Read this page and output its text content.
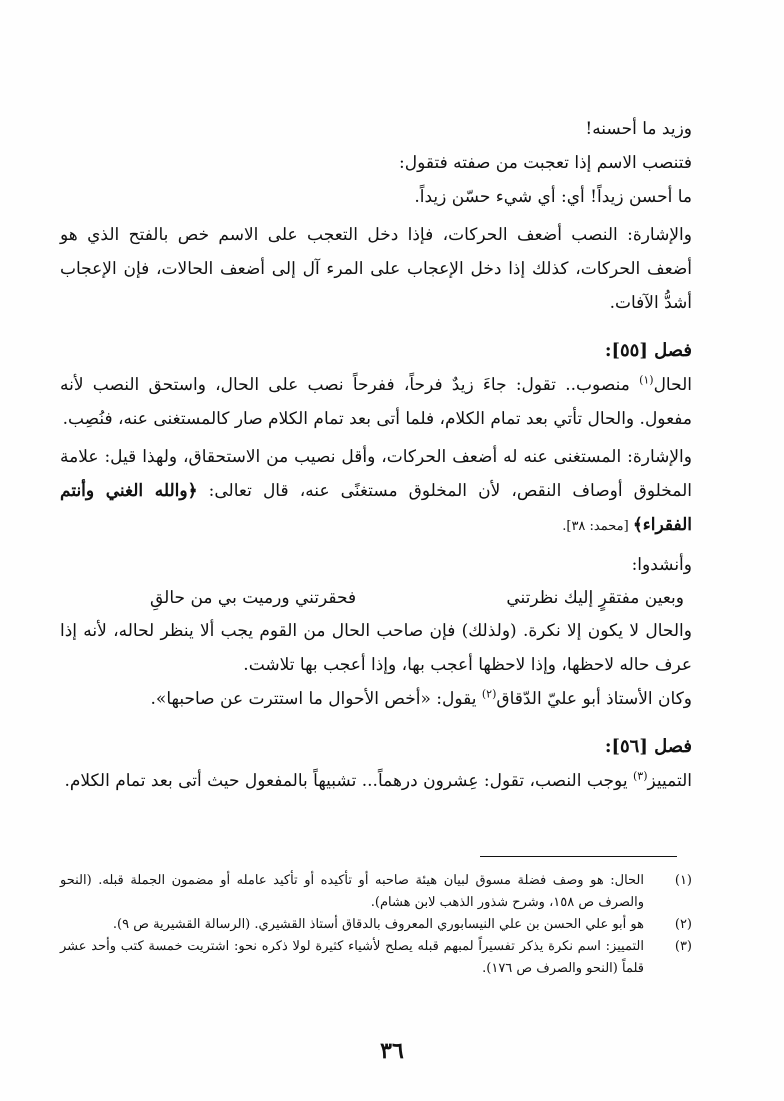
وزيد ما أحسنه!
فتنصب الاسم إذا تعجبت من صفته فتقول:
ما أحسن زيداً! أي: أي شيء حسّن زيداً.

والإشارة: النصب أضعف الحركات، فإذا دخل التعجب على الاسم خص بالفتح الذي هو أضعف الحركات، كذلك إذا دخل الإعجاب على المرء آل إلى أضعف الحالات، فإن الإعجاب أشدُّ الآفات.

فصل [٥٥]:

الحال$^{(١)}$ منصوب.. تقول: جاءَ زيدٌ فرحاً، ففرحاً نصب على الحال، واستحق النصب لأنه مفعول. والحال تأتي بعد تمام الكلام، فلما أتى بعد تمام الكلام صار كالمستغنى عنه، فنُصِب.

والإشارة: المستغنى عنه له أضعف الحركات، وأقل نصيب من الاستحقاق، ولهذا قيل: علامة المخلوق أوصاف النقص، لأن المخلوق مستغنًى عنه، قال تعالى: ﴿والله الغني وأنتم الفقراء﴾ [محمد: ٣٨].

وأنشدوا:

وبعين مفتقرٍ إليك نظرتني
فحقرتني ورميت بي من حالقِ

والحال لا يكون إلا نكرة. (ولذلك) فإن صاحب الحال من القوم يجب ألا ينظر لحاله، لأنه إذا عرف حاله لاحظها، وإذا لاحظها أعجب بها، وإذا أعجب بها تلاشت.

وكان الأستاذ أبو عليّ الدّقاق$^{(٢)}$ يقول: «أخص الأحوال ما استترت عن صاحبها».

فصل [٥٦]:

التمييز$^{(٣)}$ يوجب النصب، تقول: عِشرون درهماً... تشبيهاً بالمفعول حيث أتى بعد تمام الكلام.

(١)
الحال: هو وصف فضلة مسوق لبيان هيئة صاحبه أو تأكيده أو تأكيد عامله أو مضمون الجملة قبله. (النحو والصرف ص ١٥٨، وشرح شذور الذهب لابن هشام).
(٢)
هو أبو علي الحسن بن علي النيسابوري المعروف بالدقاق أستاذ القشيري. (الرسالة القشيرية ص ٩).
(٣)
التمييز: اسم نكرة يذكر تفسيراً لمبهم قبله يصلح لأشياء كثيرة لولا ذكره نحو: اشتريت خمسة كتب وأحد عشر قلماً (النحو والصرف ص ١٧٦).
٣٦
